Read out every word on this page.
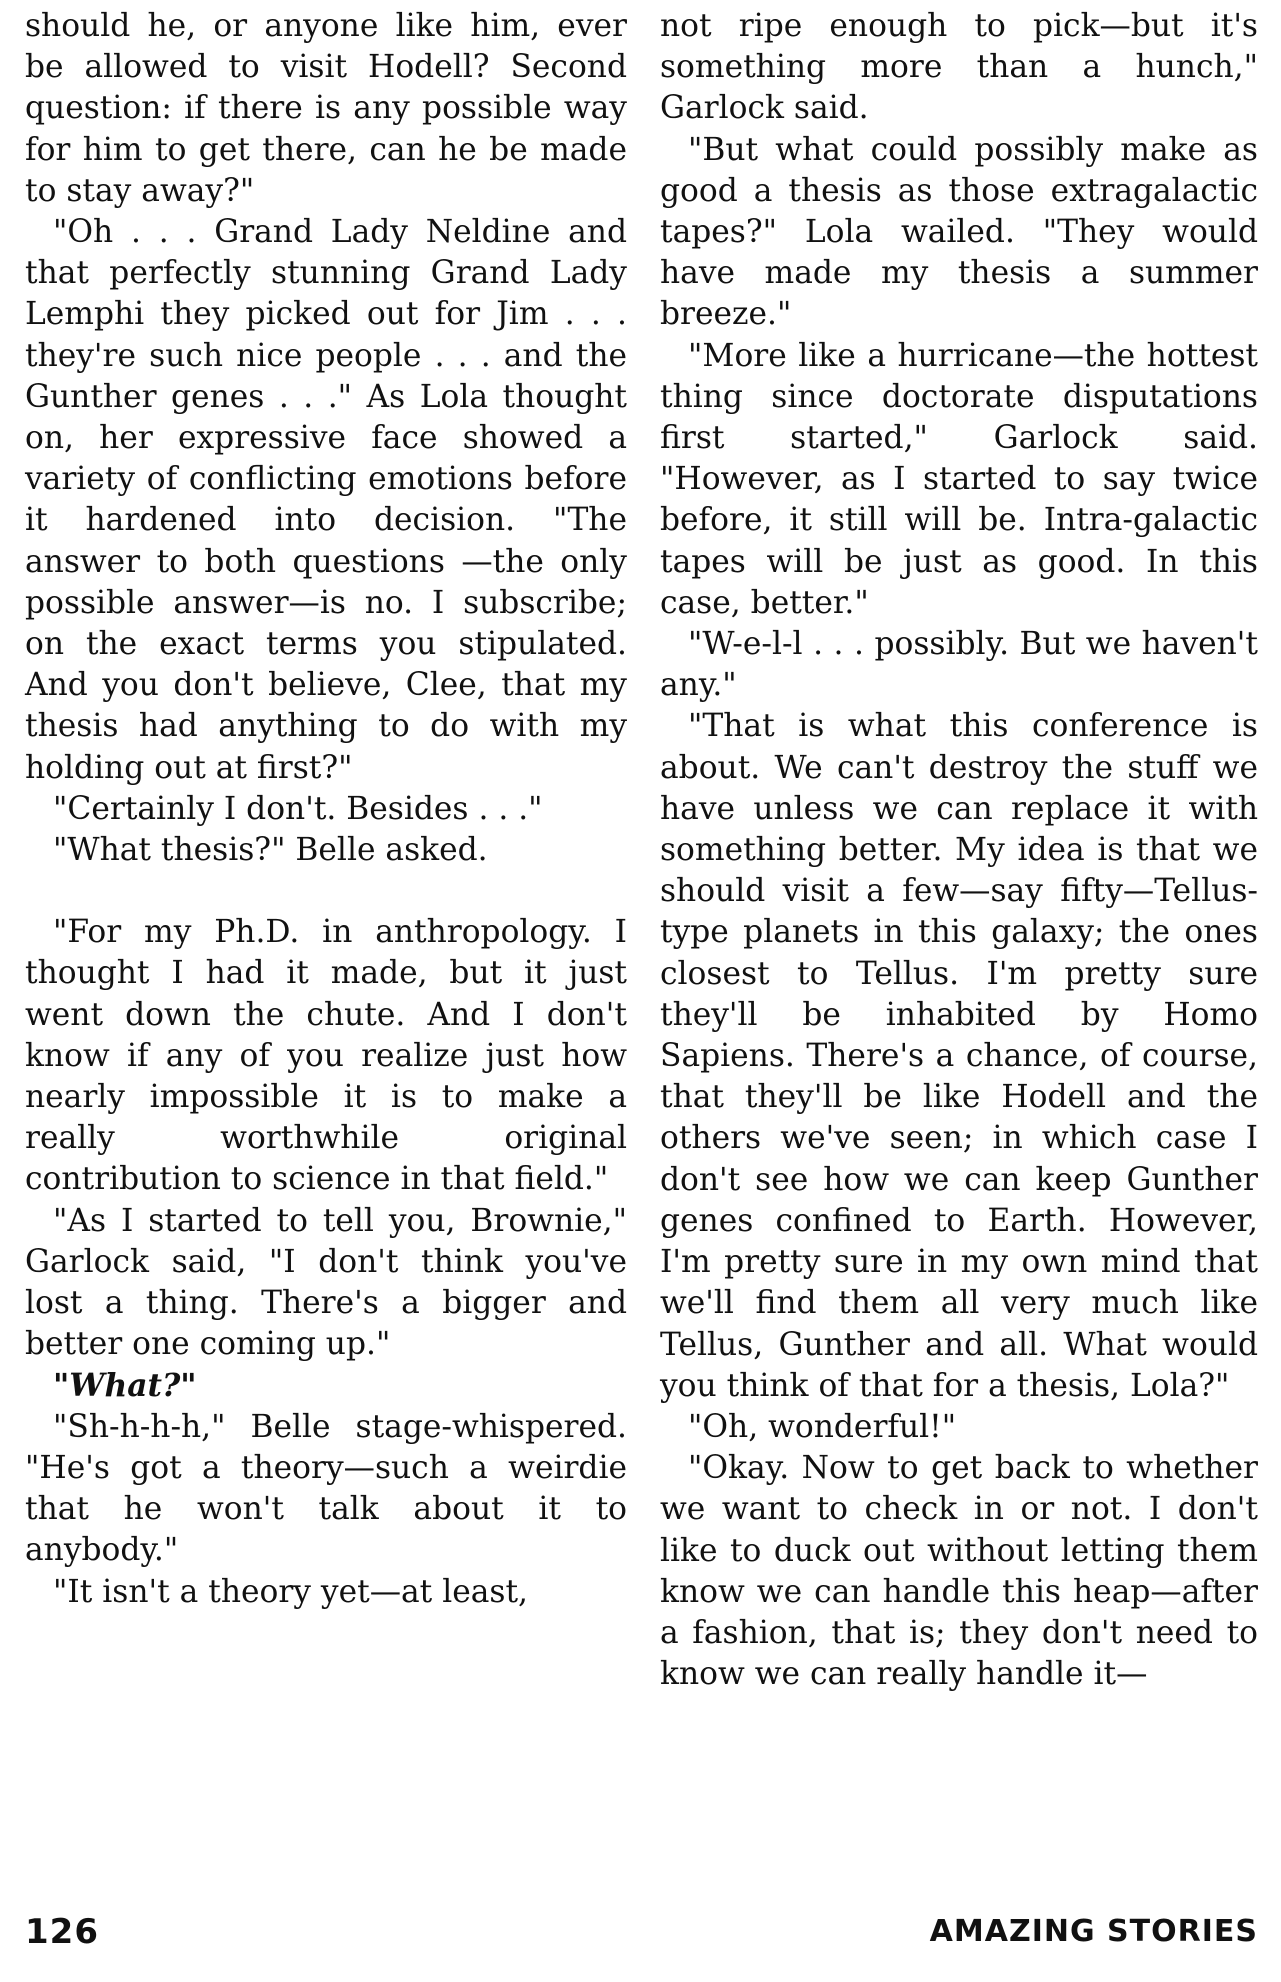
should he, or anyone like him, ever be allowed to visit Hodell? Second question: if there is any possible way for him to get there, can he be made to stay away?"

"Oh . . . Grand Lady Neldine and that perfectly stunning Grand Lady Lemphi they picked out for Jim . . . they're such nice people . . . and the Gunther genes . . ." As Lola thought on, her expressive face showed a variety of conflicting emotions before it hardened into decision. "The answer to both questions —the only possible answer—is no. I subscribe; on the exact terms you stipulated. And you don't believe, Clee, that my thesis had anything to do with my holding out at first?"

"Certainly I don't. Besides . . ."

"What thesis?" Belle asked.

"For my Ph.D. in anthropology. I thought I had it made, but it just went down the chute. And I don't know if any of you realize just how nearly impossible it is to make a really worthwhile original contribution to science in that field."

"As I started to tell you, Brownie," Garlock said, "I don't think you've lost a thing. There's a bigger and better one coming up."

"What?"

"Sh-h-h-h," Belle stage-whispered. "He's got a theory—such a weirdie that he won't talk about it to anybody."

"It isn't a theory yet—at least,

not ripe enough to pick—but it's something more than a hunch," Garlock said.

"But what could possibly make as good a thesis as those extragalactic tapes?" Lola wailed. "They would have made my thesis a summer breeze."

"More like a hurricane—the hottest thing since doctorate disputations first started," Garlock said. "However, as I started to say twice before, it still will be. Intra-galactic tapes will be just as good. In this case, better."

"W-e-l-l . . . possibly. But we haven't any."

"That is what this conference is about. We can't destroy the stuff we have unless we can replace it with something better. My idea is that we should visit a few—say fifty—Tellus-type planets in this galaxy; the ones closest to Tellus. I'm pretty sure they'll be inhabited by Homo Sapiens. There's a chance, of course, that they'll be like Hodell and the others we've seen; in which case I don't see how we can keep Gunther genes confined to Earth. However, I'm pretty sure in my own mind that we'll find them all very much like Tellus, Gunther and all. What would you think of that for a thesis, Lola?"

"Oh, wonderful!"

"Okay. Now to get back to whether we want to check in or not. I don't like to duck out without letting them know we can handle this heap—after a fashion, that is; they don't need to know we can really handle it—

126	AMAZING STORIES
